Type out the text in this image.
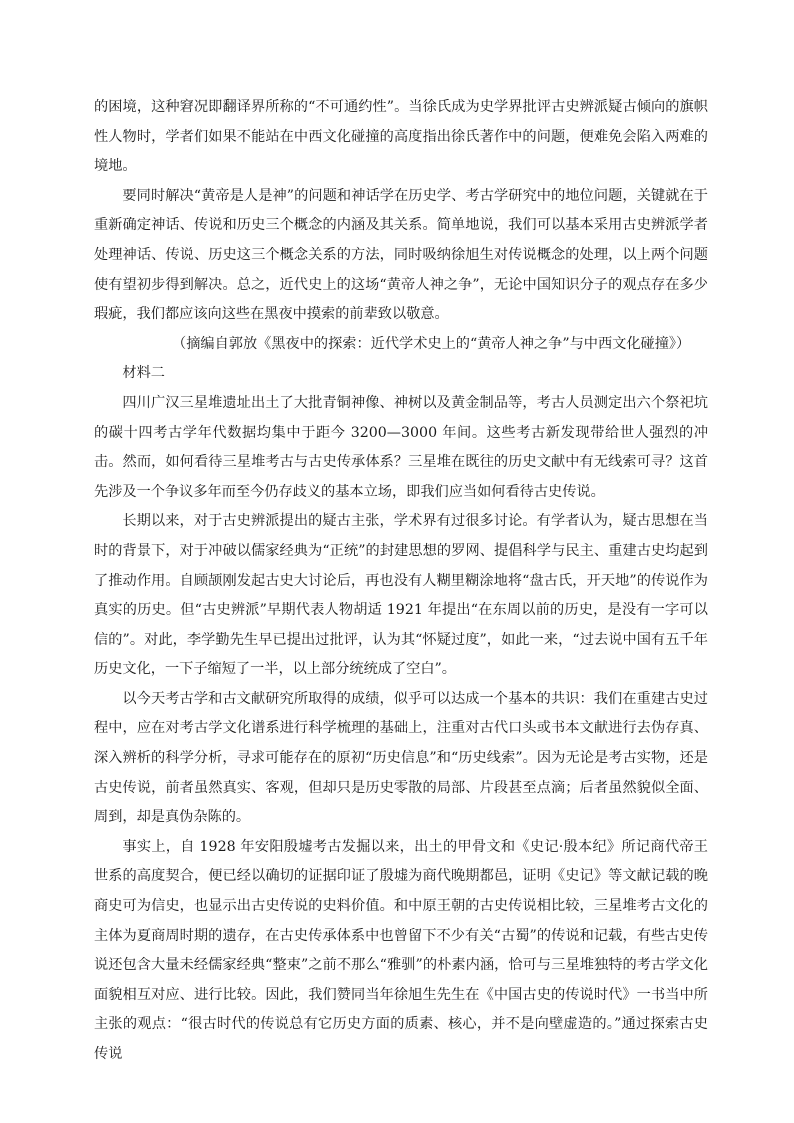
的困境，这种窘况即翻译界所称的“不可通约性”。当徐氏成为史学界批评古史辨派疑古倾向的旗帜性人物时，学者们如果不能站在中西文化碰撞的高度指出徐氏著作中的问题，便难免会陷入两难的境地。

要同时解决“黄帝是人是神”的问题和神话学在历史学、考古学研究中的地位问题，关键就在于重新确定神话、传说和历史三个概念的内涵及其关系。简单地说，我们可以基本采用古史辨派学者处理神话、传说、历史这三个概念关系的方法，同时吸纳徐旭生对传说概念的处理，以上两个问题使有望初步得到解决。总之，近代史上的这场“黄帝人神之争”，无论中国知识分子的观点存在多少瑕疵，我们都应该向这些在黑夜中摸索的前辈致以敬意。

（摘编自郭放《黑夜中的探索：近代学术史上的“黄帝人神之争”与中西文化碰撞》）

材料二

四川广汉三星堆遗址出土了大批青铜神像、神树以及黄金制品等，考古人员测定出六个祭祀坑的碳十四考古学年代数据均集中于距今 3200—3000 年间。这些考古新发现带给世人强烈的冲击。然而，如何看待三星堆考古与古史传承体系？三星堆在既往的历史文献中有无线索可寻？这首先涉及一个争议多年而至今仍存歧义的基本立场，即我们应当如何看待古史传说。

长期以来，对于古史辨派提出的疑古主张，学术界有过很多讨论。有学者认为，疑古思想在当时的背景下，对于冲破以儒家经典为“正统”的封建思想的罗网、提倡科学与民主、重建古史均起到了推动作用。自顾颉刚发起古史大讨论后，再也没有人糊里糊涂地将“盘古氏，开天地”的传说作为真实的历史。但“古史辨派”早期代表人物胡适 1921 年提出“在东周以前的历史，是没有一字可以信的”。对此，李学勤先生早已提出过批评，认为其“怀疑过度”，如此一来，“过去说中国有五千年历史文化，一下子缩短了一半，以上部分统统成了空白”。

以今天考古学和古文献研究所取得的成绩，似乎可以达成一个基本的共识：我们在重建古史过程中，应在对考古学文化谱系进行科学梳理的基础上，注重对古代口头或书本文献进行去伪存真、深入辨析的科学分析，寻求可能存在的原初“历史信息”和“历史线索”。因为无论是考古实物，还是古史传说，前者虽然真实、客观，但却只是历史零散的局部、片段甚至点滴；后者虽然貌似全面、周到，却是真伪杂陈的。

事实上，自 1928 年安阳殷墟考古发掘以来，出土的甲骨文和《史记·殷本纪》所记商代帝王世系的高度契合，便已经以确切的证据印证了殷墟为商代晚期都邑，证明《史记》等文献记载的晚商史可为信史，也显示出古史传说的史料价值。和中原王朝的古史传说相比较，三星堆考古文化的主体为夏商周时期的遗存，在古史传承体系中也曾留下不少有关“古蜀”的传说和记载，有些古史传说还包含大量未经儒家经典“整束”之前不那么“雅驯”的朴素内涵，恰可与三星堆独特的考古学文化面貌相互对应、进行比较。因此，我们赞同当年徐旭生先生在《中国古史的传说时代》一书当中所主张的观点：“很古时代的传说总有它历史方面的质素、核心，并不是向壁虚造的。”通过探索古史传说
